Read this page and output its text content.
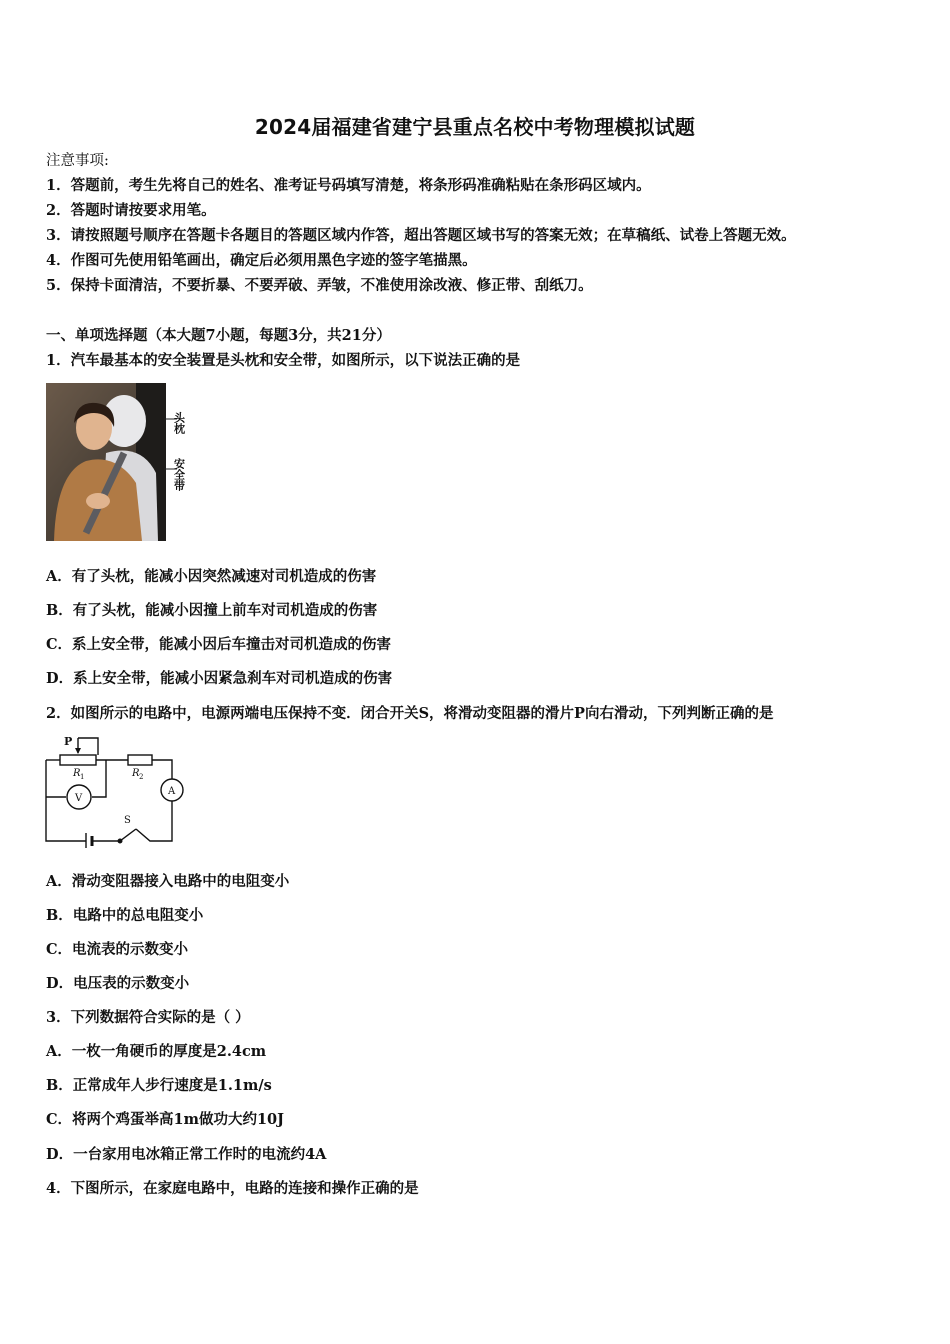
2024届福建省建宁县重点名校中考物理模拟试题
注意事项:
1．答题前，考生先将自己的姓名、准考证号码填写清楚，将条形码准确粘贴在条形码区域内。
2．答题时请按要求用笔。
3．请按照题号顺序在答题卡各题目的答题区域内作答，超出答题区域书写的答案无效；在草稿纸、试卷上答题无效。
4．作图可先使用铅笔画出，确定后必须用黑色字迹的签字笔描黑。
5．保持卡面清洁，不要折暴、不要弄破、弄皱，不准使用涂改液、修正带、刮纸刀。
一、单项选择题（本大题7小题，每题3分，共21分）
1．汽车最基本的安全装置是头枕和安全带，如图所示，以下说法正确的是
头枕
安全带
A．有了头枕，能减小因突然减速对司机造成的伤害
B．有了头枕，能减小因撞上前车对司机造成的伤害
C．系上安全带，能减小因后车撞击对司机造成的伤害
D．系上安全带，能减小因紧急刹车对司机造成的伤害
2．如图所示的电路中，电源两端电压保持不变．闭合开关S，将滑动变阻器的滑片P向右滑动，下列判断正确的是
P
R 1	R 2
V
A
S
A．滑动变阻器接入电路中的电阻变小
B．电路中的总电阻变小
C．电流表的示数变小
D．电压表的示数变小
3．下列数据符合实际的是（ ）
A．一枚一角硬币的厚度是2.4cm
B．正常成年人步行速度是1.1m/s
C．将两个鸡蛋举高1m做功大约10J
D．一台家用电冰箱正常工作时的电流约4A
4．下图所示，在家庭电路中，电路的连接和操作正确的是
